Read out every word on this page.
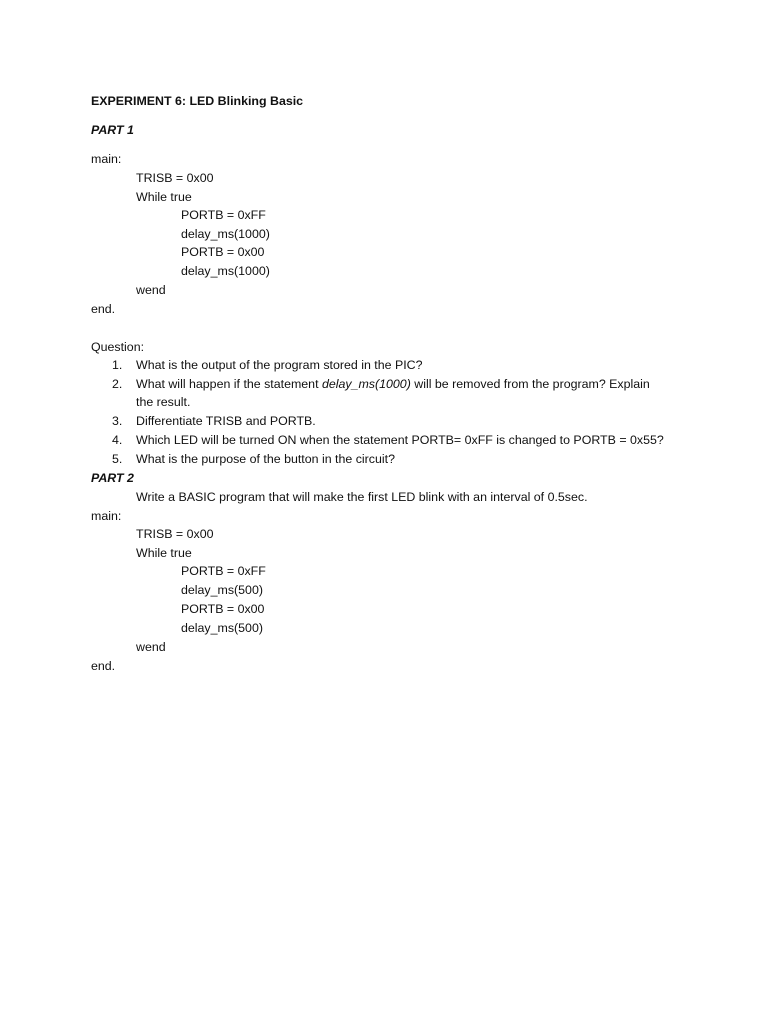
EXPERIMENT 6: LED Blinking Basic
PART 1
main:
TRISB = 0x00
While true
PORTB = 0xFF
delay_ms(1000)
PORTB = 0x00
delay_ms(1000)
wend
end.
Question:
1. What is the output of the program stored in the PIC?
2. What will happen if the statement delay_ms(1000) will be removed from the program? Explain
the result.
3. Differentiate TRISB and PORTB.
4. Which LED will be turned ON when the statement PORTB= 0xFF is changed to PORTB = 0x55?
5. What is the purpose of the button in the circuit?
PART 2
Write a BASIC program that will make the first LED blink with an interval of 0.5sec.
main:
TRISB = 0x00
While true
PORTB = 0xFF
delay_ms(500)
PORTB = 0x00
delay_ms(500)
wend
end.
